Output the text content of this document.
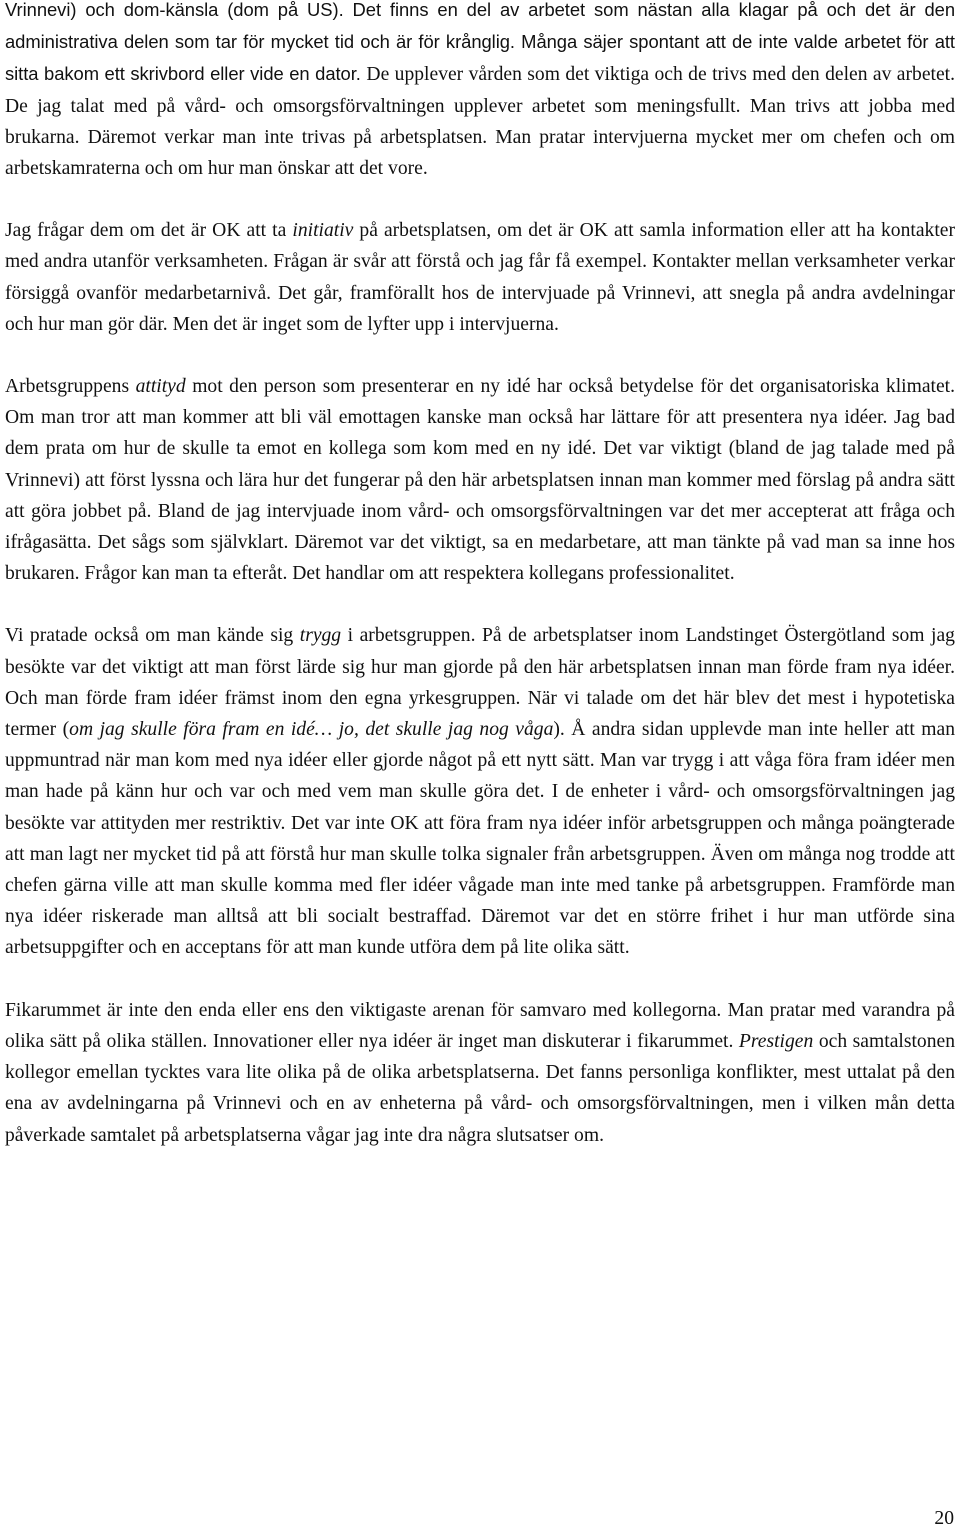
Vrinnevi) och dom-känsla (dom på US). Det finns en del av arbetet som nästan alla klagar på och det är den administrativa delen som tar för mycket tid och är för krånglig. Många säjer spontant att de inte valde arbetet för att sitta bakom ett skrivbord eller vide en dator. De upplever vården som det viktiga och de trivs med den delen av arbetet. De jag talat med på vård- och omsorgsförvaltningen upplever arbetet som meningsfullt. Man trivs att jobba med brukarna. Däremot verkar man inte trivas på arbetsplatsen. Man pratar intervjuerna mycket mer om chefen och om arbetskamraterna och om hur man önskar att det vore.

Jag frågar dem om det är OK att ta initiativ på arbetsplatsen, om det är OK att samla information eller att ha kontakter med andra utanför verksamheten. Frågan är svår att förstå och jag får få exempel. Kontakter mellan verksamheter verkar försiggå ovanför medarbetarnivå. Det går, framförallt hos de intervjuade på Vrinnevi, att snegla på andra avdelningar och hur man gör där. Men det är inget som de lyfter upp i intervjuerna.

Arbetsgruppens attityd mot den person som presenterar en ny idé har också betydelse för det organisatoriska klimatet. Om man tror att man kommer att bli väl emottagen kanske man också har lättare för att presentera nya idéer. Jag bad dem prata om hur de skulle ta emot en kollega som kom med en ny idé. Det var viktigt (bland de jag talade med på Vrinnevi) att först lyssna och lära hur det fungerar på den här arbetsplatsen innan man kommer med förslag på andra sätt att göra jobbet på. Bland de jag intervjuade inom vård- och omsorgsförvaltningen var det mer accepterat att fråga och ifrågasätta. Det sågs som självklart. Däremot var det viktigt, sa en medarbetare, att man tänkte på vad man sa inne hos brukaren. Frågor kan man ta efteråt. Det handlar om att respektera kollegans professionalitet.

Vi pratade också om man kände sig trygg i arbetsgruppen. På de arbetsplatser inom Landstinget Östergötland som jag besökte var det viktigt att man först lärde sig hur man gjorde på den här arbetsplatsen innan man förde fram nya idéer. Och man förde fram idéer främst inom den egna yrkesgruppen. När vi talade om det här blev det mest i hypotetiska termer (om jag skulle föra fram en idé… jo, det skulle jag nog våga). Å andra sidan upplevde man inte heller att man uppmuntrad när man kom med nya idéer eller gjorde något på ett nytt sätt. Man var trygg i att våga föra fram idéer men man hade på känn hur och var och med vem man skulle göra det. I de enheter i vård- och omsorgsförvaltningen jag besökte var attityden mer restriktiv. Det var inte OK att föra fram nya idéer inför arbetsgruppen och många poängterade att man lagt ner mycket tid på att förstå hur man skulle tolka signaler från arbetsgruppen. Även om många nog trodde att chefen gärna ville att man skulle komma med fler idéer vågade man inte med tanke på arbetsgruppen. Framförde man nya idéer riskerade man alltså att bli socialt bestraffad. Däremot var det en större frihet i hur man utförde sina arbetsuppgifter och en acceptans för att man kunde utföra dem på lite olika sätt.

Fikarummet är inte den enda eller ens den viktigaste arenan för samvaro med kollegorna. Man pratar med varandra på olika sätt på olika ställen. Innovationer eller nya idéer är inget man diskuterar i fikarummet. Prestigen och samtalstonen kollegor emellan tycktes vara lite olika på de olika arbetsplatserna. Det fanns personliga konflikter, mest uttalat på den ena av avdelningarna på Vrinnevi och en av enheterna på vård- och omsorgsförvaltningen, men i vilken mån detta påverkade samtalet på arbetsplatserna vågar jag inte dra några slutsatser om.

20
